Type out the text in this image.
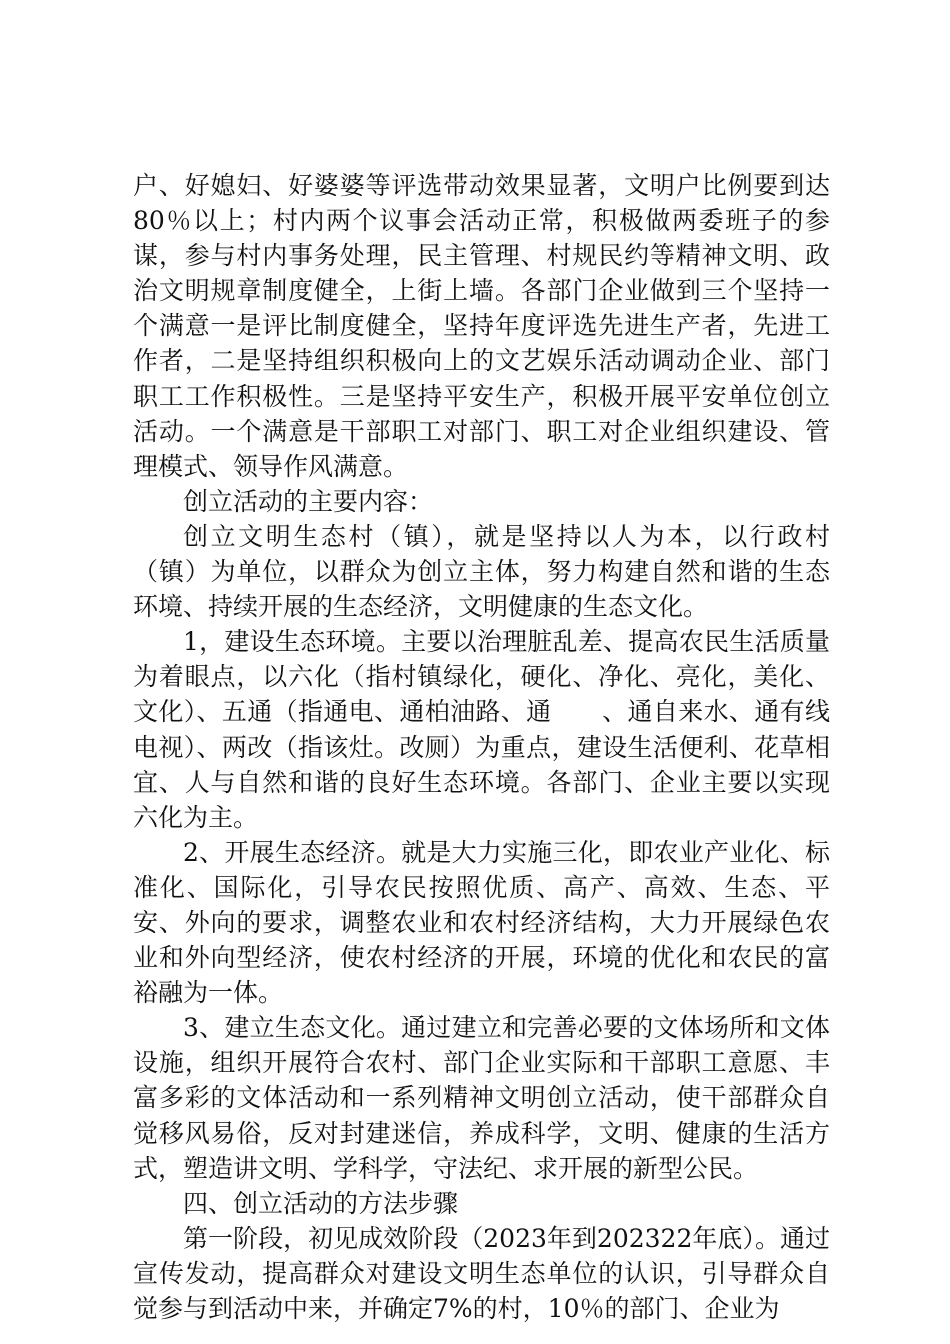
户、好媳妇、好婆婆等评选带动效果显著，文明户比例要到达80％以上；村内两个议事会活动正常，积极做两委班子的参谋，参与村内事务处理，民主管理、村规民约等精神文明、政治文明规章制度健全，上街上墙。各部门企业做到三个坚持一个满意一是评比制度健全，坚持年度评选先进生产者，先进工作者，二是坚持组织积极向上的文艺娱乐活动调动企业、部门职工工作积极性。三是坚持平安生产，积极开展平安单位创立活动。一个满意是干部职工对部门、职工对企业组织建设、管理模式、领导作风满意。

创立活动的主要内容：

创立文明生态村（镇），就是坚持以人为本，以行政村（镇）为单位，以群众为创立主体，努力构建自然和谐的生态环境、持续开展的生态经济，文明健康的生态文化。

1，建设生态环境。主要以治理脏乱差、提高农民生活质量为着眼点，以六化（指村镇绿化，硬化、净化、亮化，美化、文化）、五通（指通电、通柏油路、通　　、通自来水、通有线电视）、两改（指该灶。改厕）为重点，建设生活便利、花草相宜、人与自然和谐的良好生态环境。各部门、企业主要以实现六化为主。

2、开展生态经济。就是大力实施三化，即农业产业化、标准化、国际化，引导农民按照优质、高产、高效、生态、平安、外向的要求，调整农业和农村经济结构，大力开展绿色农业和外向型经济，使农村经济的开展，环境的优化和农民的富裕融为一体。

3、建立生态文化。通过建立和完善必要的文体场所和文体设施，组织开展符合农村、部门企业实际和干部职工意愿、丰富多彩的文体活动和一系列精神文明创立活动，使干部群众自觉移风易俗，反对封建迷信，养成科学，文明、健康的生活方式，塑造讲文明、学科学，守法纪、求开展的新型公民。

四、创立活动的方法步骤

第一阶段，初见成效阶段（2023年到202322年底）。通过宣传发动，提高群众对建设文明生态单位的认识，引导群众自觉参与到活动中来，并确定7%的村，10％的部门、企业为
